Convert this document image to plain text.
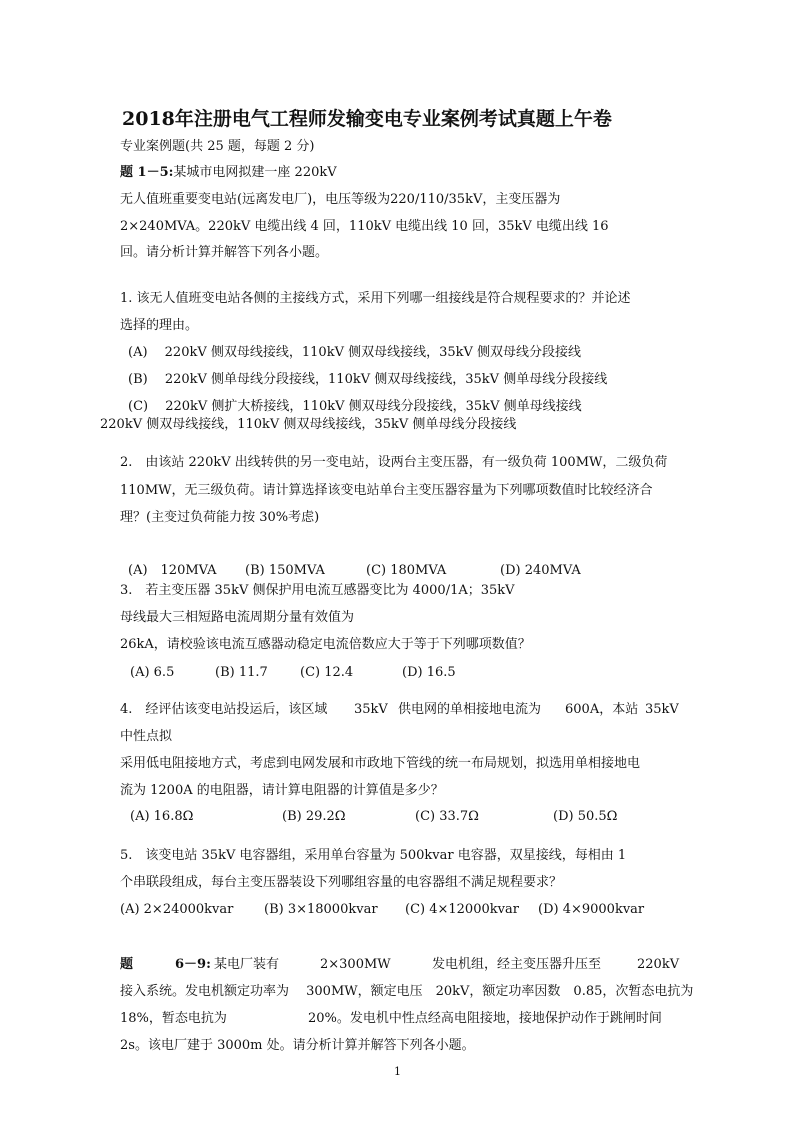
2018年注册电气工程师发输变电专业案例考试真题上午卷
专业案例题(共 25 题，每题 2 分)
题 1－5:某城市电网拟建一座 220kV
无人值班重要变电站(远离发电厂)，电压等级为220/110/35kV，主变压器为
2×240MVA。220kV 电缆出线 4 回，110kV 电缆出线 10 回，35kV 电缆出线 16
回。请分析计算并解答下列各小题。
1. 该无人值班变电站各侧的主接线方式，采用下列哪一组接线是符合规程要求的？并论述
选择的理由。
(A)　 220kV 侧双母线接线，110kV 侧双母线接线，35kV 侧双母线分段接线
(B)　 220kV 侧单母线分段接线，110kV 侧双母线接线，35kV 侧单母线分段接线
(C)　 220kV 侧扩大桥接线，110kV 侧双母线分段接线，35kV 侧单母线接线
220kV 侧双母线接线，110kV 侧双母线接线，35kV 侧单母线分段接线
2.　由该站 220kV 出线转供的另一变电站，设两台主变压器，有一级负荷 100MW，二级负荷
110MW，无三级负荷。请计算选择该变电站单台主变压器容量为下列哪项数值时比较经济合
理？(主变过负荷能力按 30%考虑)
(A)　120MVA (B) 150MVA	(C) 180MVA	(D) 240MVA
3.　若主变压器 35kV 侧保护用电流互感器变比为 4000/1A；35kV
母线最大三相短路电流周期分量有效值为
26kA，请校验该电流互感器动稳定电流倍数应大于等于下列哪项数值？
(A) 6.5	(B) 11.7 (C) 12.4	(D) 16.5
4.　经评估该变电站投运后，该区域 35kV 供电网的单相接地电流为 600A，本站 35kV
中性点拟
采用低电阻接地方式，考虑到电网发展和市政地下管线的统一布局规划，拟选用单相接地电
流为 1200A 的电阻器，请计算电阻器的计算值是多少？
(A) 16.8Ω	(B) 29.2Ω	(C) 33.7Ω	(D) 50.5Ω
5.　该变电站 35kV 电容器组，采用单台容量为 500kvar 电容器，双星接线，每相由 1
个串联段组成，每台主变压器装设下列哪组容量的电容器组不满足规程要求？
(A) 2×24000kvar (B) 3×18000kvar (C) 4×12000kvar (D) 4×9000kvar
题	6－9: 某电厂装有	2×300MW	发电机组，经主变压器升压至	220kV
接入系统。发电机额定功率为　 300MW，额定电压　20kV，额定功率因数　0.85，次暂态电抗为
18%，暂态电抗为	20%。发电机中性点经高电阻接地，接地保护动作于跳闸时间
2s。该电厂建于 3000m 处。请分析计算并解答下列各小题。
1
